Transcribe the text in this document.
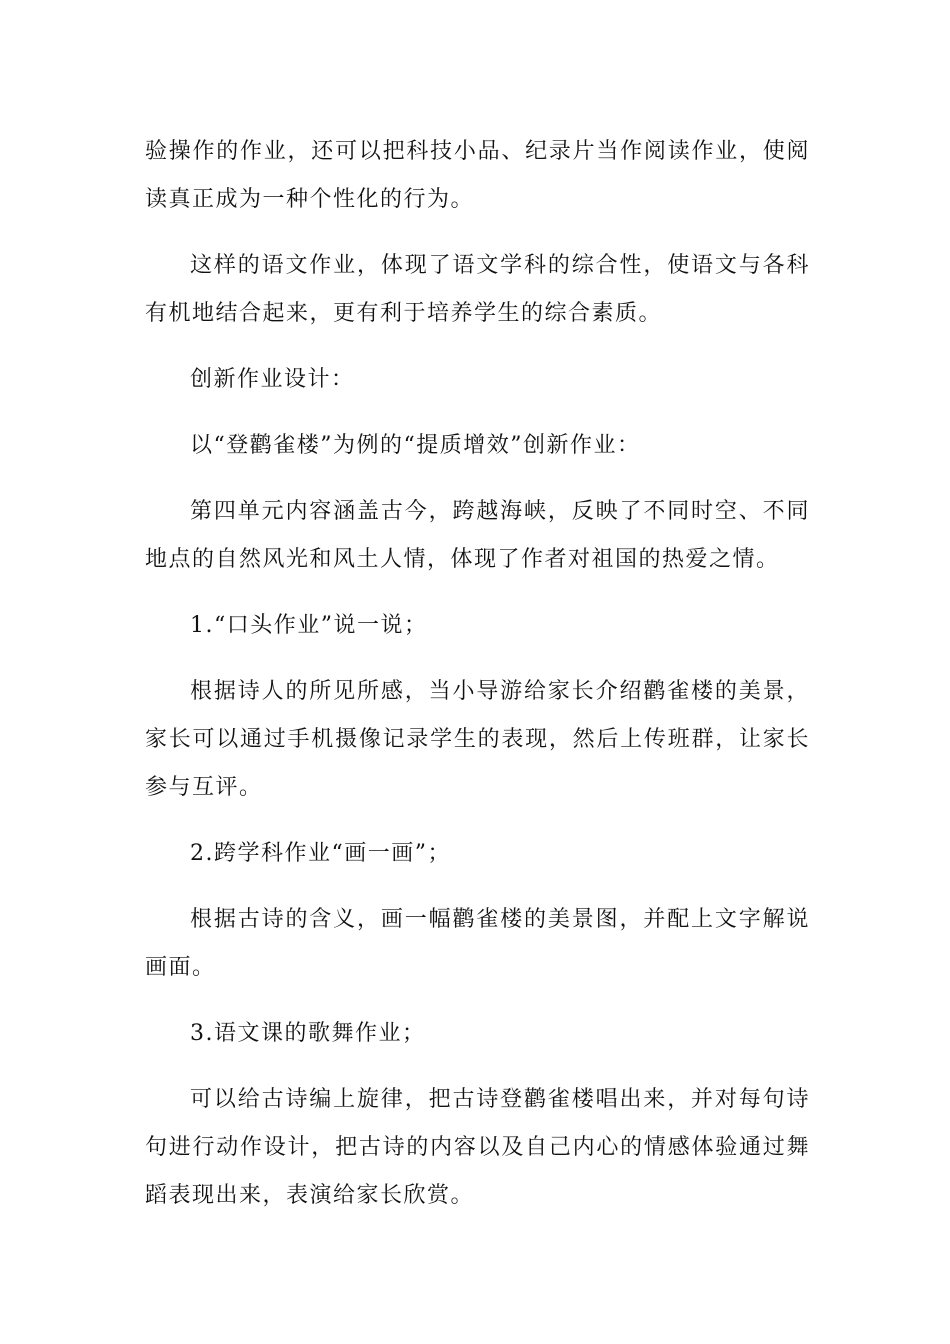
验操作的作业，还可以把科技小品、纪录片当作阅读作业，使阅读真正成为一种个性化的行为。

这样的语文作业，体现了语文学科的综合性，使语文与各科有机地结合起来，更有利于培养学生的综合素质。

创新作业设计：

以“登鹳雀楼”为例的“提质增效”创新作业：

第四单元内容涵盖古今，跨越海峡，反映了不同时空、不同地点的自然风光和风土人情，体现了作者对祖国的热爱之情。

1.“口头作业”说一说；

根据诗人的所见所感，当小导游给家长介绍鹳雀楼的美景，家长可以通过手机摄像记录学生的表现，然后上传班群，让家长参与互评。

2.跨学科作业“画一画”；

根据古诗的含义，画一幅鹳雀楼的美景图，并配上文字解说画面。

3.语文课的歌舞作业；

可以给古诗编上旋律，把古诗登鹳雀楼唱出来，并对每句诗句进行动作设计，把古诗的内容以及自己内心的情感体验通过舞蹈表现出来，表演给家长欣赏。
